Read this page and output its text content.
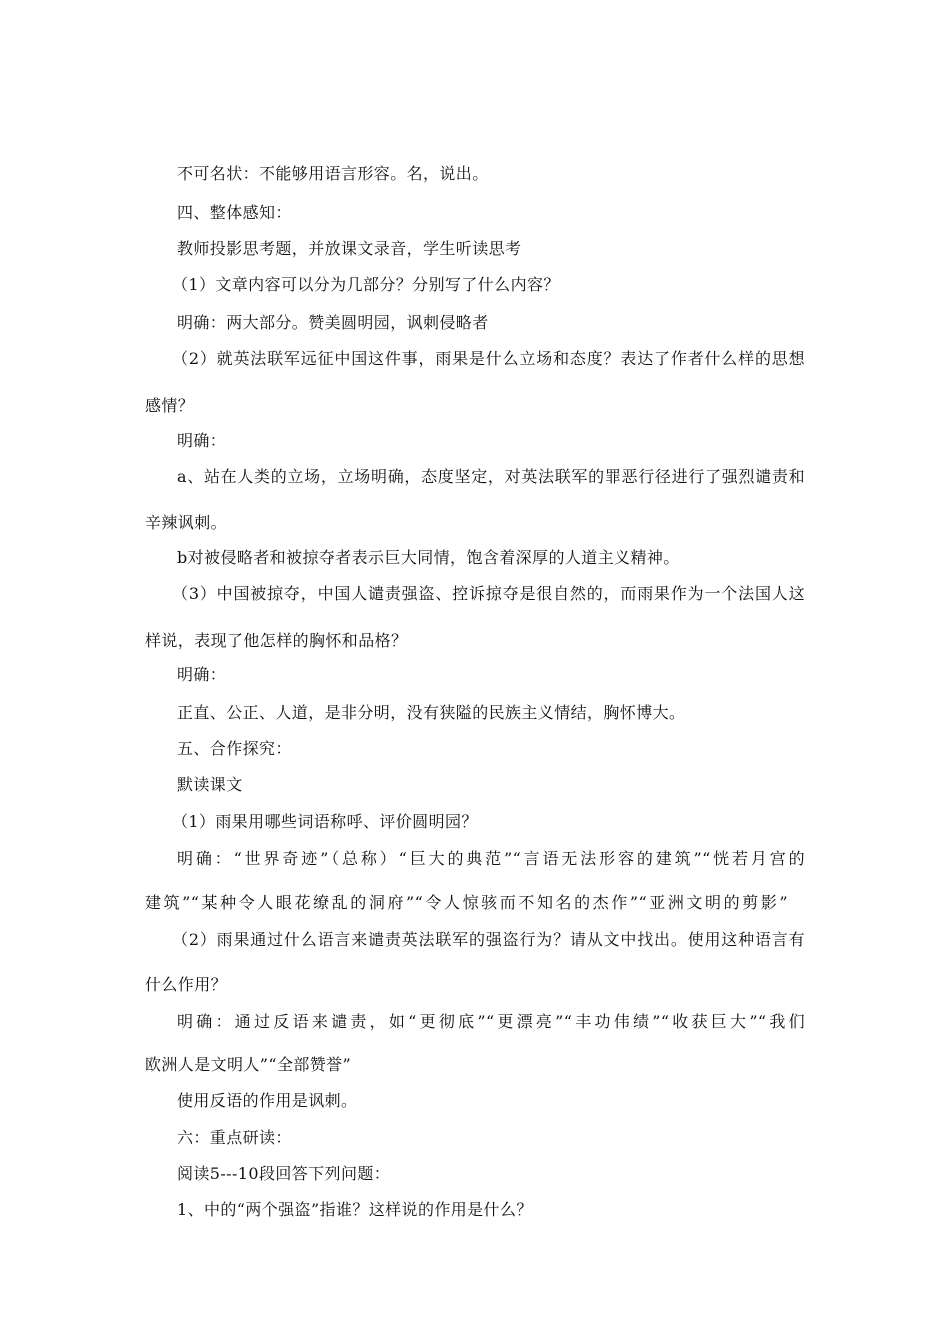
不可名状：不能够用语言形容。名，说出。
四、整体感知：
教师投影思考题，并放课文录音，学生听读思考
（1）文章内容可以分为几部分？分别写了什么内容？
明确：两大部分。赞美圆明园，讽刺侵略者
（2）就英法联军远征中国这件事，雨果是什么立场和态度？表达了作者什么样的思想
感情？
明确：
a、站在人类的立场，立场明确，态度坚定，对英法联军的罪恶行径进行了强烈谴责和
辛辣讽刺。
b对被侵略者和被掠夺者表示巨大同情，饱含着深厚的人道主义精神。
（3）中国被掠夺，中国人谴责强盗、控诉掠夺是很自然的，而雨果作为一个法国人这
样说，表现了他怎样的胸怀和品格？
明确：
正直、公正、人道，是非分明，没有狭隘的民族主义情结，胸怀博大。
五、合作探究：
默读课文
（1）雨果用哪些词语称呼、评价圆明园？
明确：“世界奇迹”（总称）“巨大的典范”“言语无法形容的建筑”“恍若月宫的
建筑”“某种令人眼花缭乱的洞府”“令人惊骇而不知名的杰作”“亚洲文明的剪影”
（2）雨果通过什么语言来谴责英法联军的强盗行为？请从文中找出。使用这种语言有
什么作用？
明确：通过反语来谴责，如“更彻底”“更漂亮”“丰功伟绩”“收获巨大”“我们
欧洲人是文明人”“全部赞誉”
使用反语的作用是讽刺。
六：重点研读：
阅读5---10段回答下列问题：
1、中的“两个强盗”指谁？这样说的作用是什么？
